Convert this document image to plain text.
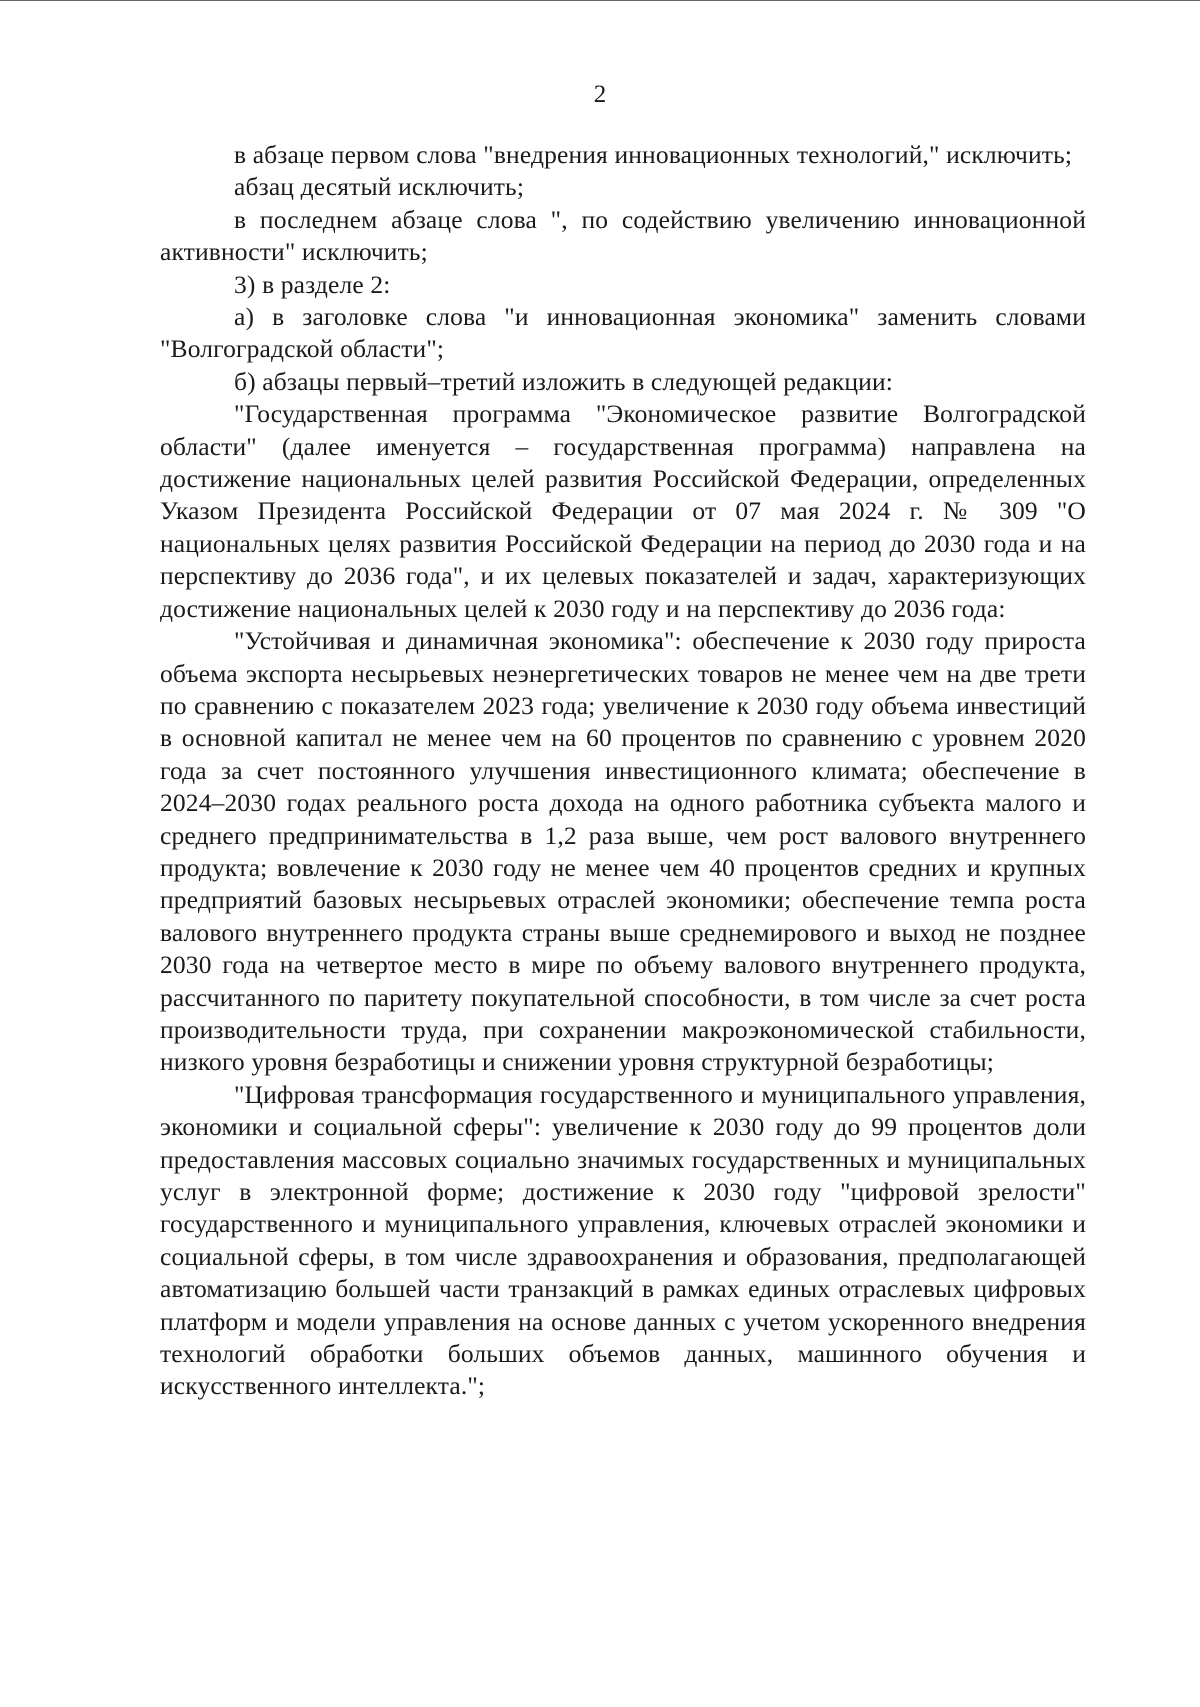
2

в абзаце первом слова "внедрения инновационных технологий," исключить;

абзац десятый исключить;

в последнем абзаце слова ", по содействию увеличению инновационной активности" исключить;

3) в разделе 2:

а) в заголовке слова "и инновационная экономика" заменить словами "Волгоградской области";

б) абзацы первый–третий изложить в следующей редакции:

"Государственная программа "Экономическое развитие Волгоградской области" (далее именуется – государственная программа) направлена на достижение национальных целей развития Российской Федерации, определенных Указом Президента Российской Федерации от 07 мая 2024 г. № 309 "О национальных целях развития Российской Федерации на период до 2030 года и на перспективу до 2036 года", и их целевых показателей и задач, характеризующих достижение национальных целей к 2030 году и на перспективу до 2036 года:

"Устойчивая и динамичная экономика": обеспечение к 2030 году прироста объема экспорта несырьевых неэнергетических товаров не менее чем на две трети по сравнению с показателем 2023 года; увеличение к 2030 году объема инвестиций в основной капитал не менее чем на 60 процентов по сравнению с уровнем 2020 года за счет постоянного улучшения инвестиционного климата; обеспечение в 2024–2030 годах реального роста дохода на одного работника субъекта малого и среднего предпринимательства в 1,2 раза выше, чем рост валового внутреннего продукта; вовлечение к 2030 году не менее чем 40 процентов средних и крупных предприятий базовых несырьевых отраслей экономики; обеспечение темпа роста валового внутреннего продукта страны выше среднемирового и выход не позднее 2030 года на четвертое место в мире по объему валового внутреннего продукта, рассчитанного по паритету покупательной способности, в том числе за счет роста производительности труда, при сохранении макроэкономической стабильности, низкого уровня безработицы и снижении уровня структурной безработицы;

"Цифровая трансформация государственного и муниципального управления, экономики и социальной сферы": увеличение к 2030 году до 99 процентов доли предоставления массовых социально значимых государственных и муниципальных услуг в электронной форме; достижение к 2030 году "цифровой зрелости" государственного и муниципального управления, ключевых отраслей экономики и социальной сферы, в том числе здравоохранения и образования, предполагающей автоматизацию большей части транзакций в рамках единых отраслевых цифровых платформ и модели управления на основе данных с учетом ускоренного внедрения технологий обработки больших объемов данных, машинного обучения и искусственного интеллекта.";
